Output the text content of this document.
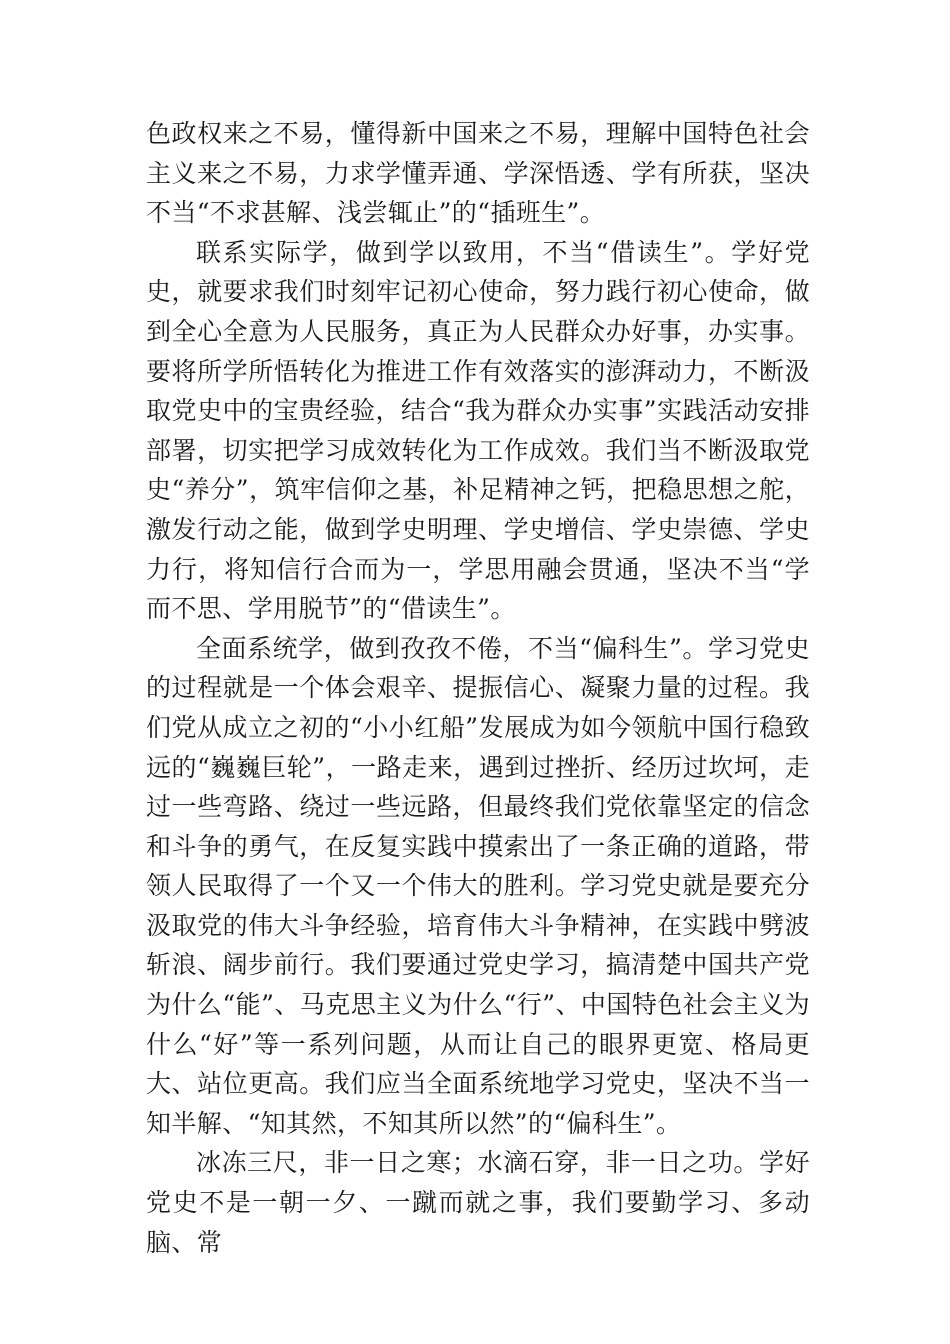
色政权来之不易，懂得新中国来之不易，理解中国特色社会主义来之不易，力求学懂弄通、学深悟透、学有所获，坚决不当“不求甚解、浅尝辄止”的“插班生”。

联系实际学，做到学以致用，不当“借读生”。学好党史，就要求我们时刻牢记初心使命，努力践行初心使命，做到全心全意为人民服务，真正为人民群众办好事，办实事。要将所学所悟转化为推进工作有效落实的澎湃动力，不断汲取党史中的宝贵经验，结合“我为群众办实事”实践活动安排部署，切实把学习成效转化为工作成效。我们当不断汲取党史“养分”，筑牢信仰之基，补足精神之钙，把稳思想之舵，激发行动之能，做到学史明理、学史增信、学史崇德、学史力行，将知信行合而为一，学思用融会贯通，坚决不当“学而不思、学用脱节”的“借读生”。

全面系统学，做到孜孜不倦，不当“偏科生”。学习党史的过程就是一个体会艰辛、提振信心、凝聚力量的过程。我们党从成立之初的“小小红船”发展成为如今领航中国行稳致远的“巍巍巨轮”，一路走来，遇到过挫折、经历过坎坷，走过一些弯路、绕过一些远路，但最终我们党依靠坚定的信念和斗争的勇气，在反复实践中摸索出了一条正确的道路，带领人民取得了一个又一个伟大的胜利。学习党史就是要充分汲取党的伟大斗争经验，培育伟大斗争精神，在实践中劈波斩浪、阔步前行。我们要通过党史学习，搞清楚中国共产党为什么“能”、马克思主义为什么“行”、中国特色社会主义为什么“好”等一系列问题，从而让自己的眼界更宽、格局更大、站位更高。我们应当全面系统地学习党史，坚决不当一知半解、“知其然，不知其所以然”的“偏科生”。

冰冻三尺，非一日之寒；水滴石穿，非一日之功。学好党史不是一朝一夕、一蹴而就之事，我们要勤学习、多动脑、常
